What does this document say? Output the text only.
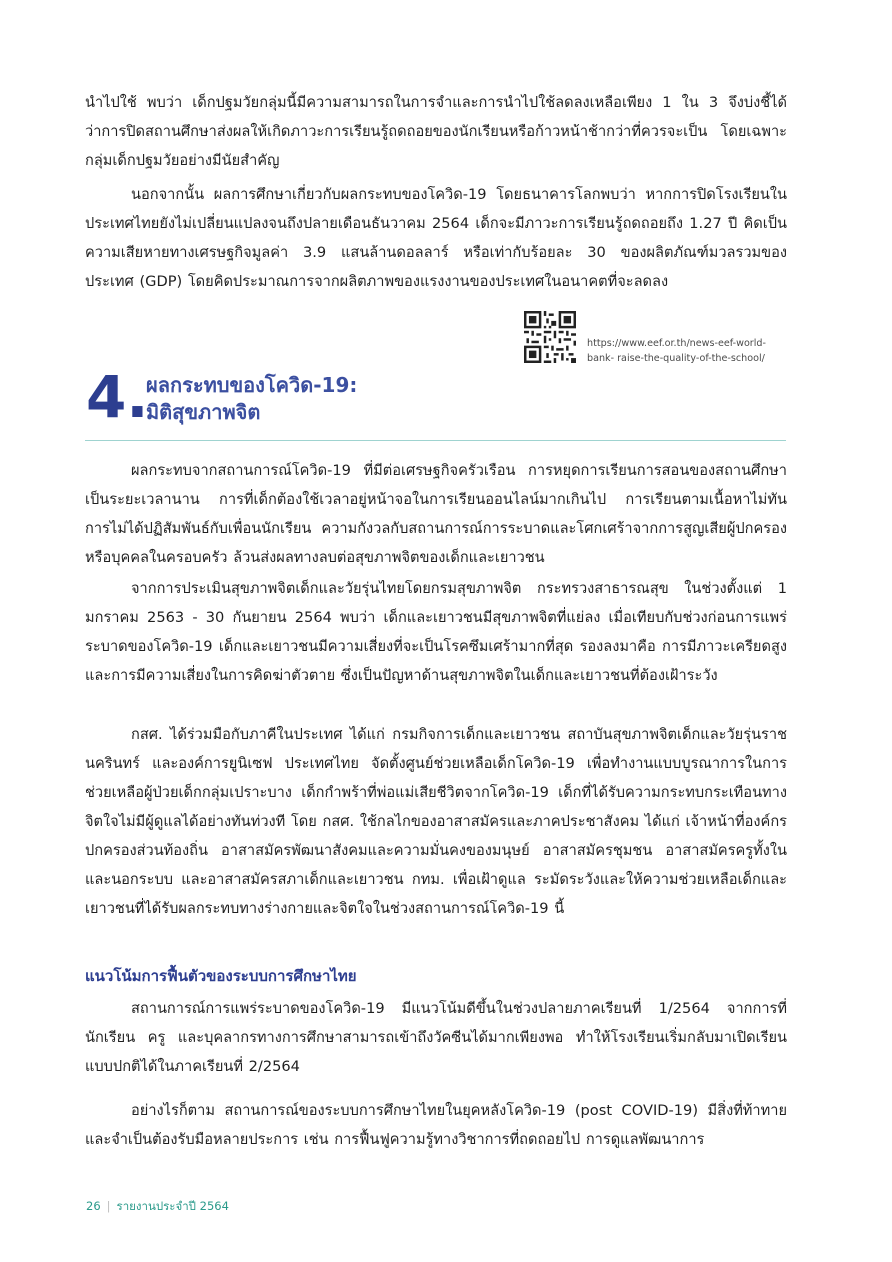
นำไปใช้ พบว่า เด็กปฐมวัยกลุ่มนี้มีความสามารถในการจำและการนำไปใช้ลดลงเหลือเพียง 1 ใน 3 จึงบ่งชี้ได้ว่าการปิดสถานศึกษาส่งผลให้เกิดภาวะการเรียนรู้ถดถอยของนักเรียนหรือก้าวหน้าช้ากว่าที่ควรจะเป็น โดยเฉพาะกลุ่มเด็กปฐมวัยอย่างมีนัยสำคัญ

นอกจากนั้น ผลการศึกษาเกี่ยวกับผลกระทบของโควิด-19 โดยธนาคารโลกพบว่า หากการปิดโรงเรียนในประเทศไทยยังไม่เปลี่ยนแปลงจนถึงปลายเดือนธันวาคม 2564 เด็กจะมีภาวะการเรียนรู้ถดถอยถึง 1.27 ปี คิดเป็นความเสียหายทางเศรษฐกิจมูลค่า 3.9 แสนล้านดอลลาร์ หรือเท่ากับร้อยละ 30 ของผลิตภัณฑ์มวลรวมของประเทศ (GDP) โดยคิดประมาณการจากผลิตภาพของแรงงานของประเทศในอนาคตที่จะลดลง

https://www.eef.or.th/news-eef-world-
bank- raise-the-quality-of-the-school/
4.
ผลกระทบของโควิด-19:
มิติสุขภาพจิต

ผลกระทบจากสถานการณ์โควิด-19 ที่มีต่อเศรษฐกิจครัวเรือน การหยุดการเรียนการสอนของสถานศึกษาเป็นระยะเวลานาน การที่เด็กต้องใช้เวลาอยู่หน้าจอในการเรียนออนไลน์มากเกินไป การเรียนตามเนื้อหาไม่ทัน การไม่ได้ปฏิสัมพันธ์กับเพื่อนนักเรียน ความกังวลกับสถานการณ์การระบาดและโศกเศร้าจากการสูญเสียผู้ปกครองหรือบุคคลในครอบครัว ล้วนส่งผลทางลบต่อสุขภาพจิตของเด็กและเยาวชน

จากการประเมินสุขภาพจิตเด็กและวัยรุ่นไทยโดยกรมสุขภาพจิต กระทรวงสาธารณสุข ในช่วงตั้งแต่ 1 มกราคม 2563 - 30 กันยายน 2564 พบว่า เด็กและเยาวชนมีสุขภาพจิตที่แย่ลง เมื่อเทียบกับช่วงก่อนการแพร่ระบาดของโควิด-19 เด็กและเยาวชนมีความเสี่ยงที่จะเป็นโรคซึมเศร้ามากที่สุด รองลงมาคือ การมีภาวะเครียดสูง และการมีความเสี่ยงในการคิดฆ่าตัวตาย ซึ่งเป็นปัญหาด้านสุขภาพจิตในเด็กและเยาวชนที่ต้องเฝ้าระวัง

กสศ. ได้ร่วมมือกับภาคีในประเทศ ได้แก่ กรมกิจการเด็กและเยาวชน สถาบันสุขภาพจิตเด็กและวัยรุ่นราชนครินทร์ และองค์การยูนิเซฟ ประเทศไทย จัดตั้งศูนย์ช่วยเหลือเด็กโควิด-19 เพื่อทำงานแบบบูรณาการในการช่วยเหลือผู้ป่วยเด็กกลุ่มเปราะบาง เด็กกำพร้าที่พ่อแม่เสียชีวิตจากโควิด-19 เด็กที่ได้รับความกระทบกระเทือนทางจิตใจไม่มีผู้ดูแลได้อย่างทันท่วงที โดย กสศ. ใช้กลไกของอาสาสมัครและภาคประชาสังคม ได้แก่ เจ้าหน้าที่องค์กรปกครองส่วนท้องถิ่น อาสาสมัครพัฒนาสังคมและความมั่นคงของมนุษย์ อาสาสมัครชุมชน อาสาสมัครครูทั้งในและนอกระบบ และอาสาสมัครสภาเด็กและเยาวชน กทม. เพื่อเฝ้าดูแล ระมัดระวังและให้ความช่วยเหลือเด็กและเยาวชนที่ได้รับผลกระทบทางร่างกายและจิตใจในช่วงสถานการณ์โควิด-19 นี้

แนวโน้มการฟื้นตัวของระบบการศึกษาไทย

สถานการณ์การแพร่ระบาดของโควิด-19 มีแนวโน้มดีขึ้นในช่วงปลายภาคเรียนที่ 1/2564 จากการที่นักเรียน ครู และบุคลากรทางการศึกษาสามารถเข้าถึงวัคซีนได้มากเพียงพอ ทำให้โรงเรียนเริ่มกลับมาเปิดเรียนแบบปกติได้ในภาคเรียนที่ 2/2564

อย่างไรก็ตาม สถานการณ์ของระบบการศึกษาไทยในยุคหลังโควิด-19 (post COVID-19) มีสิ่งที่ท้าทายและจำเป็นต้องรับมือหลายประการ เช่น การฟื้นฟูความรู้ทางวิชาการที่ถดถอยไป การดูแลพัฒนาการ

26 | รายงานประจำปี 2564
